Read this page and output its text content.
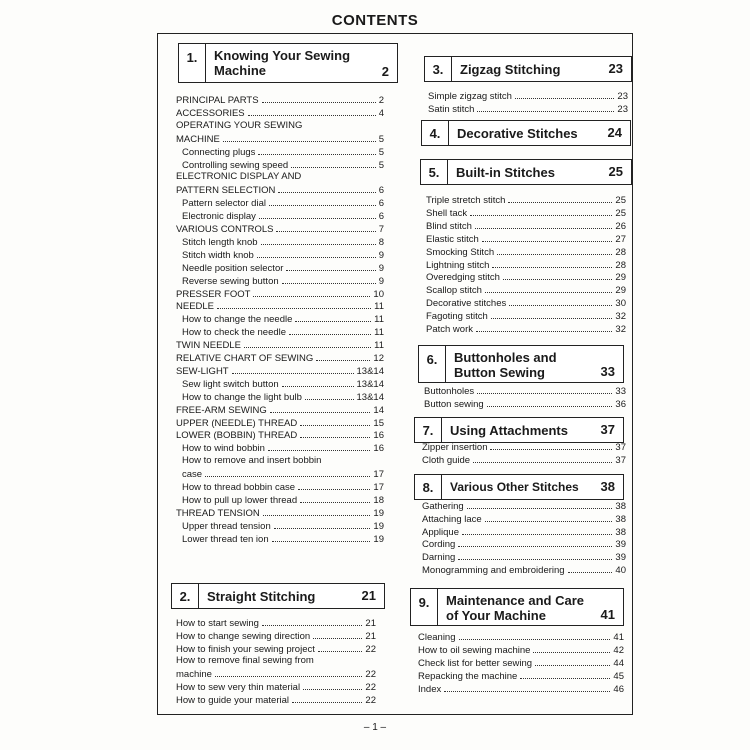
CONTENTS
1.	Knowing Your Sewing
Machine	2
2.	Straight Stitching	21
3.	Zigzag Stitching	23
4.	Decorative Stitches	24
5.	Built-in Stitches	25
6.	Buttonholes and
Button Sewing	33
7.	Using Attachments	37
8.	Various Other Stitches	38
9.	Maintenance and Care
of Your Machine	41
PRINCIPAL PARTS	2
ACCESSORIES	4
OPERATING YOUR SEWING
MACHINE	5
Connecting plugs	5
Controlling sewing speed	5
ELECTRONIC DISPLAY AND
PATTERN SELECTION	6
Pattern selector dial	6
Electronic display	6
VARIOUS CONTROLS	7
Stitch length knob	8
Stitch width knob	9
Needle position selector	9
Reverse sewing button	9
PRESSER FOOT	10
NEEDLE	11
How to change the needle	11
How to check the needle	11
TWIN NEEDLE	11
RELATIVE CHART OF SEWING	12
SEW-LIGHT	13&14
Sew light switch button	13&14
How to change the light bulb	13&14
FREE-ARM SEWING	14
UPPER (NEEDLE) THREAD	15
LOWER (BOBBIN) THREAD	16
How to wind bobbin	16
How to remove and insert bobbin
case	17
How to thread bobbin case	17
How to pull up lower thread	18
THREAD TENSION	19
Upper thread tension	19
Lower thread ten ion	19
How to start sewing	21
How to change sewing direction	21
How to finish your sewing project	22
How to remove final sewing from
machine	22
How to sew very thin material	22
How to guide your material	22
Simple zigzag stitch	23
Satin stitch	23
Triple stretch stitch	25
Shell tack	25
Blind stitch	26
Elastic stitch	27
Smocking Stitch	28
Lightning stitch	28
Overedging stitch	29
Scallop stitch	29
Decorative stitches	30
Fagoting stitch	32
Patch work	32
Buttonholes	33
Button sewing	36
Zipper insertion	37
Cloth guide	37
Gathering	38
Attaching lace	38
Applique	38
Cording	39
Darning	39
Monogramming and embroidering	40
Cleaning	41
How to oil sewing machine	42
Check list for better sewing	44
Repacking the machine	45
Index	46
– 1 –
